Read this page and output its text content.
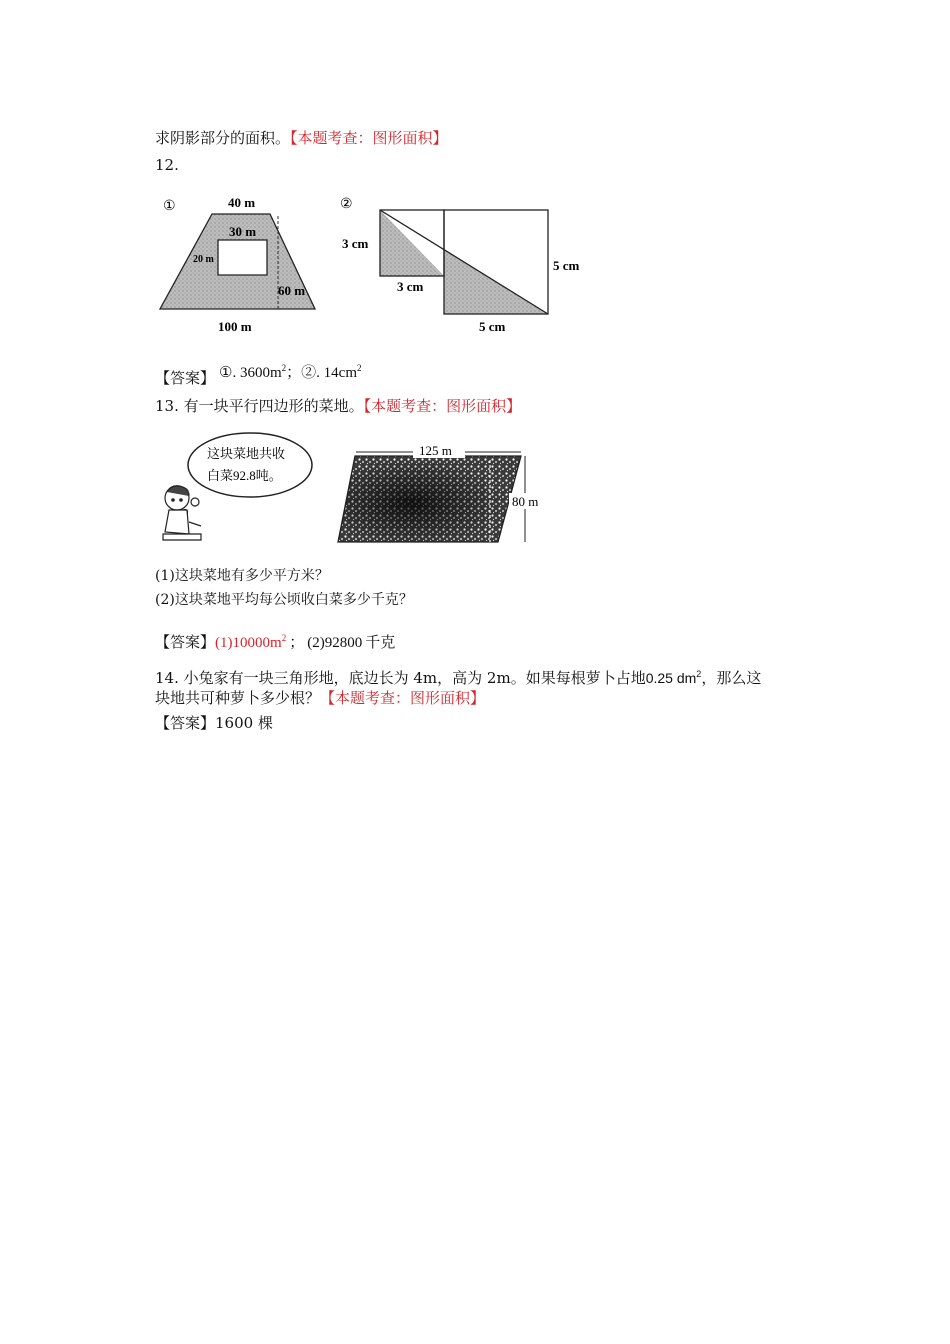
求阴影部分的面积。【本题考查：图形面积】
12.
①	40 m
30 m
20 m
60 m
100 m
②
3 cm
3 cm
5 cm
5 cm
【答案】 ①. $3600m^2$；②. $14cm^2$
13. 有一块平行四边形的菜地。【本题考查：图形面积】
这块菜地共收
白菜92.8吨。
125 m
80 m
(1)这块菜地有多少平方米？
(2)这块菜地平均每公顷收白菜多少千克？
【答案】$(1)10000m^2$ ； (2)92800 千克
14. 小兔家有一块三角形地，底边长为 4m，高为 2m。如果每根萝卜占地0.25 $dm^2$，那么这
块地共可种萝卜多少根？【本题考查：图形面积】
【答案】1600 棵
